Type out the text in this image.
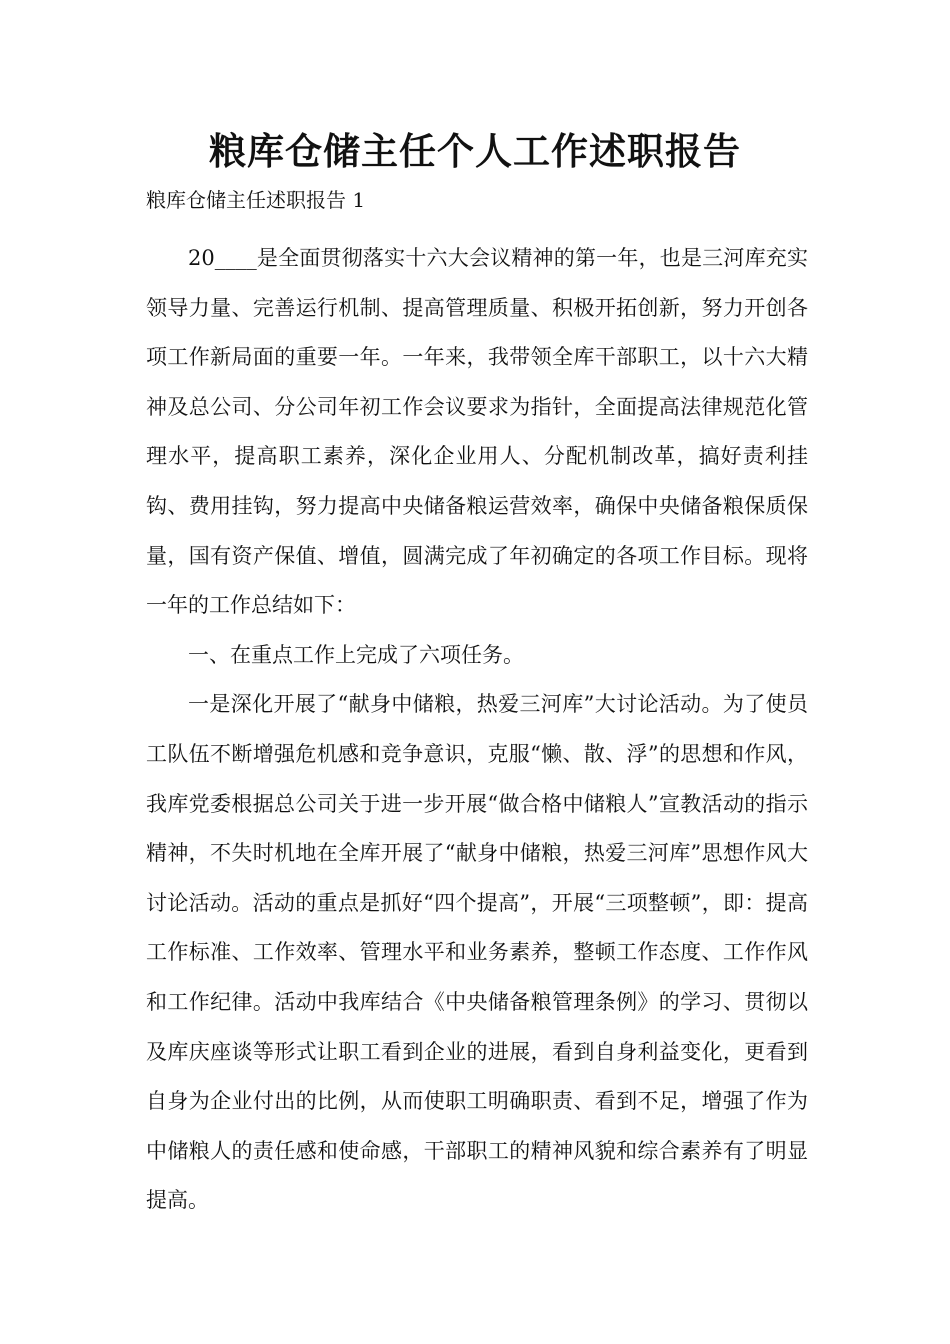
粮库仓储主任个人工作述职报告
粮库仓储主任述职报告 1

20____是全面贯彻落实十六大会议精神的第一年，也是三河库充实领导力量、完善运行机制、提高管理质量、积极开拓创新，努力开创各项工作新局面的重要一年。一年来，我带领全库干部职工，以十六大精神及总公司、分公司年初工作会议要求为指针，全面提高法律规范化管理水平，提高职工素养，深化企业用人、分配机制改革，搞好责利挂钩、费用挂钩，努力提高中央储备粮运营效率，确保中央储备粮保质保量，国有资产保值、增值，圆满完成了年初确定的各项工作目标。现将一年的工作总结如下：

一、在重点工作上完成了六项任务。

一是深化开展了“献身中储粮，热爱三河库”大讨论活动。为了使员工队伍不断增强危机感和竞争意识，克服“懒、散、浮”的思想和作风，我库党委根据总公司关于进一步开展“做合格中储粮人”宣教活动的指示精神，不失时机地在全库开展了“献身中储粮，热爱三河库”思想作风大讨论活动。活动的重点是抓好“四个提高”，开展“三项整顿”，即：提高工作标准、工作效率、管理水平和业务素养，整顿工作态度、工作作风和工作纪律。活动中我库结合《中央储备粮管理条例》的学习、贯彻以及库庆座谈等形式让职工看到企业的进展，看到自身利益变化，更看到自身为企业付出的比例，从而使职工明确职责、看到不足，增强了作为中储粮人的责任感和使命感，干部职工的精神风貌和综合素养有了明显提高。
